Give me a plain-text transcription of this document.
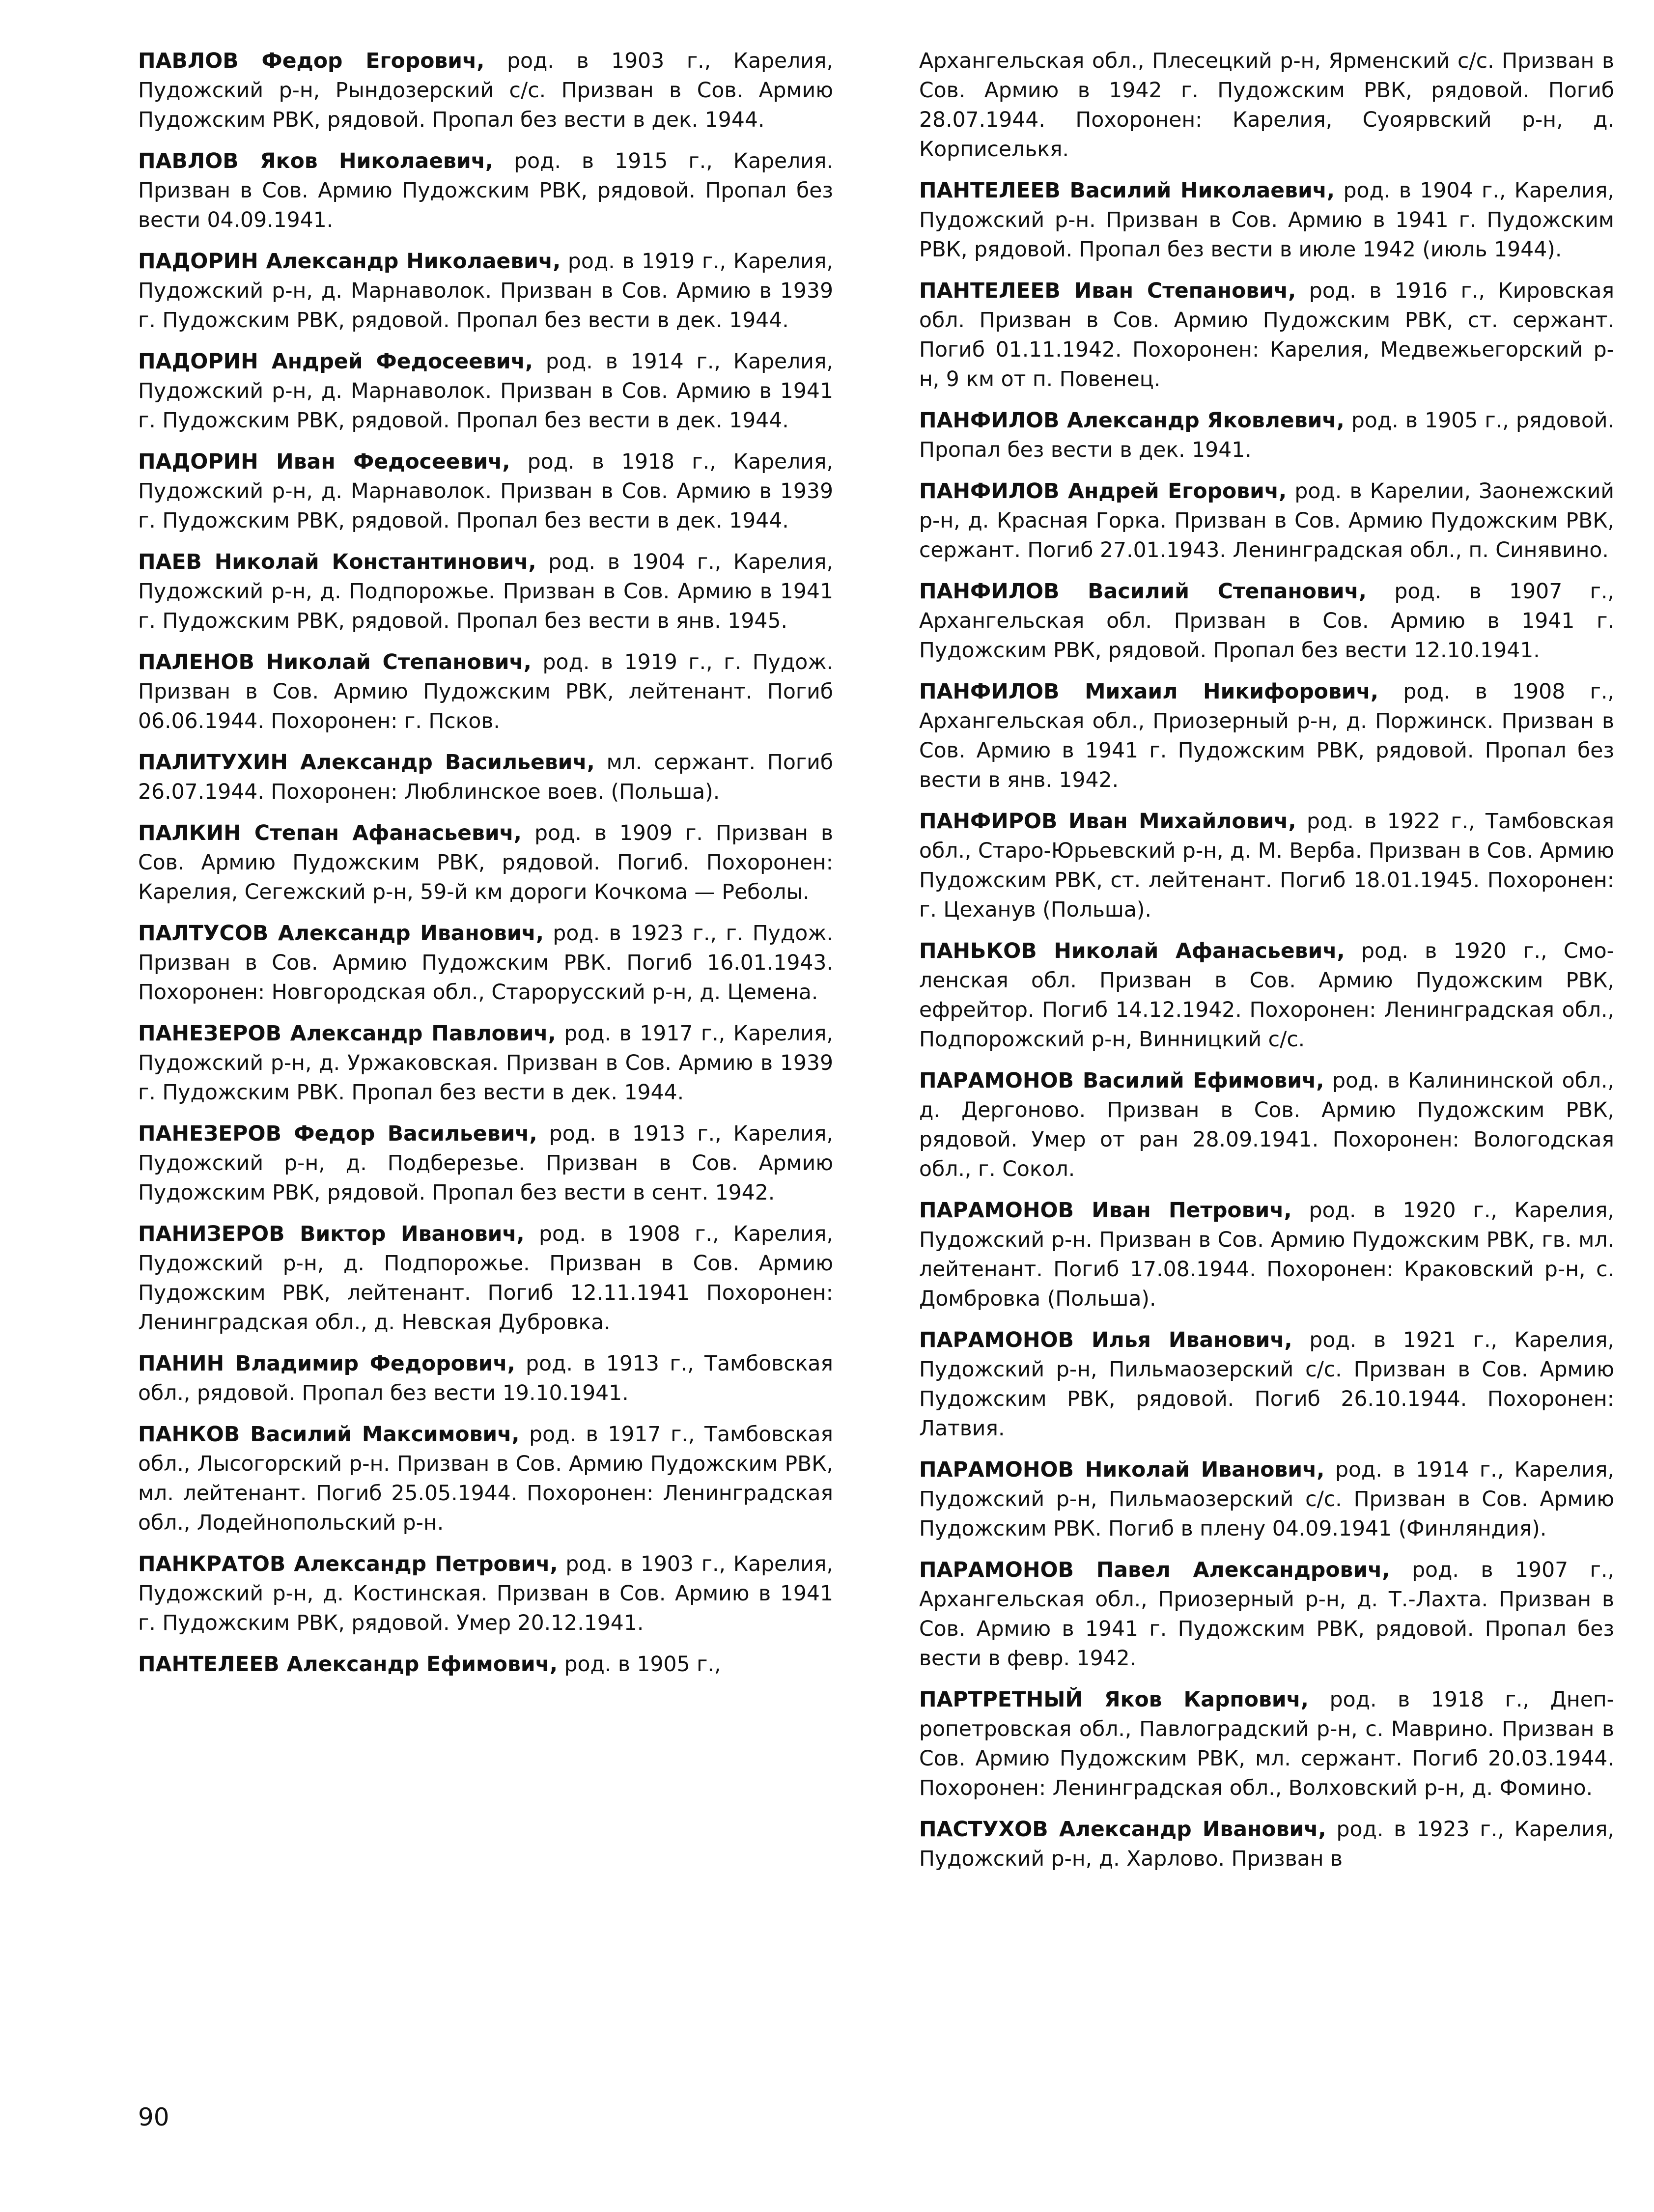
ПАВЛОВ Федор Егорович, род. в 1903 г., Карелия, Пудожский р-н, Рындозерский с/с. Призван в Сов. Армию Пудожским РВК, рядовой. Пропал без вести в дек. 1944.

ПАВЛОВ Яков Николаевич, род. в 1915 г., Карелия. Призван в Сов. Армию Пудожским РВК, рядовой. Пропал без вести 04.09.1941.

ПАДОРИН Александр Николаевич, род. в 1919 г., Карелия, Пудожский р-н, д. Марнаволок. Призван в Сов. Армию в 1939 г. Пудожским РВК, рядовой. Пропал без вести в дек. 1944.

ПАДОРИН Андрей Федосеевич, род. в 1914 г., Карелия, Пудожский р-н, д. Марнаволок. Призван в Сов. Армию в 1941 г. Пудожским РВК, рядовой. Пропал без вести в дек. 1944.

ПАДОРИН Иван Федосеевич, род. в 1918 г., Карелия, Пудожский р-н, д. Марнаволок. Призван в Сов. Армию в 1939 г. Пудожским РВК, рядовой. Пропал без вести в дек. 1944.

ПАЕВ Николай Константинович, род. в 1904 г., Карелия, Пудожский р-н, д. Подпорожье. Призван в Сов. Армию в 1941 г. Пудожским РВК, рядовой. Пропал без вести в янв. 1945.

ПАЛЕНОВ Николай Степанович, род. в 1919 г., г. Пудож. Призван в Сов. Армию Пудожским РВК, лейтенант. Погиб 06.06.1944. Похоронен: г. Псков.

ПАЛИТУХИН Александр Васильевич, мл. сержант. Погиб 26.07.1944. Похоронен: Люблинское воев. (Польша).

ПАЛКИН Степан Афанасьевич, род. в 1909 г. Призван в Сов. Армию Пудожским РВК, рядовой. Погиб. Похоронен: Карелия, Сегежский р-н, 59-й км дороги Кочкома — Реболы.

ПАЛТУСОВ Александр Иванович, род. в 1923 г., г. Пудож. Призван в Сов. Армию Пудожским РВК. Погиб 16.01.1943. Похоронен: Новгородская обл., Старорусский р-н, д. Цемена.

ПАНЕЗЕРОВ Александр Павлович, род. в 1917 г., Карелия, Пудожский р-н, д. Уржаковская. Призван в Сов. Армию в 1939 г. Пудожским РВК. Пропал без вести в дек. 1944.

ПАНЕЗЕРОВ Федор Васильевич, род. в 1913 г., Карелия, Пудожский р-н, д. Подберезье. Призван в Сов. Армию Пудожским РВК, рядовой. Пропал без вести в сент. 1942.

ПАНИЗЕРОВ Виктор Иванович, род. в 1908 г., Карелия, Пудожский р-н, д. Подпорожье. Призван в Сов. Армию Пудожским РВК, лейтенант. Погиб 12.11.1941 Похоронен: Ленинградская обл., д. Невская Дубровка.

ПАНИН Владимир Федорович, род. в 1913 г., Тамбовская обл., рядовой. Пропал без вести 19.10.1941.

ПАНКОВ Василий Максимович, род. в 1917 г., Тамбовская обл., Лысогорский р-н. Призван в Сов. Армию Пудожским РВК, мл. лейтенант. Погиб 25.05.1944. Похоронен: Ленинградская обл., Лодейнопольский р-н.

ПАНКРАТОВ Александр Петрович, род. в 1903 г., Карелия, Пудожский р-н, д. Костинская. Призван в Сов. Армию в 1941 г. Пудожским РВК, рядовой. Умер 20.12.1941.

ПАНТЕЛЕЕВ Александр Ефимович, род. в 1905 г.,

Архангельская обл., Плесецкий р-н, Ярменский с/с. Призван в Сов. Армию в 1942 г. Пудожским РВК, рядовой. Погиб 28.07.1944. Похоронен: Карелия, Суоярвский р-н, д. Корписелькя.

ПАНТЕЛЕЕВ Василий Николаевич, род. в 1904 г., Карелия, Пудожский р-н. Призван в Сов. Армию в 1941 г. Пудожским РВК, рядовой. Пропал без вести в июле 1942 (июль 1944).

ПАНТЕЛЕЕВ Иван Степанович, род. в 1916 г., Кировская обл. Призван в Сов. Армию Пудожским РВК, ст. сержант. Погиб 01.11.1942. Похоронен: Карелия, Медвежьегорский р-н, 9 км от п. Повенец.

ПАНФИЛОВ Александр Яковлевич, род. в 1905 г., рядовой. Пропал без вести в дек. 1941.

ПАНФИЛОВ Андрей Егорович, род. в Карелии, Заонежский р-н, д. Красная Горка. Призван в Сов. Армию Пудожским РВК, сержант. Погиб 27.01.1943. Ленинградская обл., п. Синявино.

ПАНФИЛОВ Василий Степанович, род. в 1907 г., Архангельская обл. Призван в Сов. Армию в 1941 г. Пудожским РВК, рядовой. Пропал без вести 12.10.1941.

ПАНФИЛОВ Михаил Никифорович, род. в 1908 г., Архангельская обл., Приозерный р-н, д. Поржинск. Призван в Сов. Армию в 1941 г. Пудожским РВК, рядовой. Пропал без вести в янв. 1942.

ПАНФИРОВ Иван Михайлович, род. в 1922 г., Тамбовская обл., Старо-Юрьевский р-н, д. М. Верба. Призван в Сов. Армию Пудожским РВК, ст. лейтенант. Погиб 18.01.1945. Похоронен: г. Цеханув (Польша).

ПАНЬКОВ Николай Афанасьевич, род. в 1920 г., Смоленская обл. Призван в Сов. Армию Пудожским РВК, ефрейтор. Погиб 14.12.1942. Похоронен: Ленинградская обл., Подпорожский р-н, Винницкий с/с.

ПАРАМОНОВ Василий Ефимович, род. в Калининской обл., д. Дергоново. Призван в Сов. Армию Пудожским РВК, рядовой. Умер от ран 28.09.1941. Похоронен: Вологодская обл., г. Сокол.

ПАРАМОНОВ Иван Петрович, род. в 1920 г., Карелия, Пудожский р-н. Призван в Сов. Армию Пудожским РВК, гв. мл. лейтенант. Погиб 17.08.1944. Похоронен: Краковский р-н, с. Домбровка (Польша).

ПАРАМОНОВ Илья Иванович, род. в 1921 г., Карелия, Пудожский р-н, Пильмаозерский с/с. Призван в Сов. Армию Пудожским РВК, рядовой. Погиб 26.10.1944. Похоронен: Латвия.

ПАРАМОНОВ Николай Иванович, род. в 1914 г., Карелия, Пудожский р-н, Пильмаозерский с/с. Призван в Сов. Армию Пудожским РВК. Погиб в плену 04.09.1941 (Финляндия).

ПАРАМОНОВ Павел Александрович, род. в 1907 г., Архангельская обл., Приозерный р-н, д. Т.-Лахта. Призван в Сов. Армию в 1941 г. Пудожским РВК, рядовой. Пропал без вести в февр. 1942.

ПАРТРЕТНЫЙ Яков Карпович, род. в 1918 г., Днепропетровская обл., Павлоградский р-н, с. Маврино. Призван в Сов. Армию Пудожским РВК, мл. сержант. Погиб 20.03.1944. Похоронен: Ленинградская обл., Волховский р-н, д. Фомино.

ПАСТУХОВ Александр Иванович, род. в 1923 г., Карелия, Пудожский р-н, д. Харлово. Призван в

90
